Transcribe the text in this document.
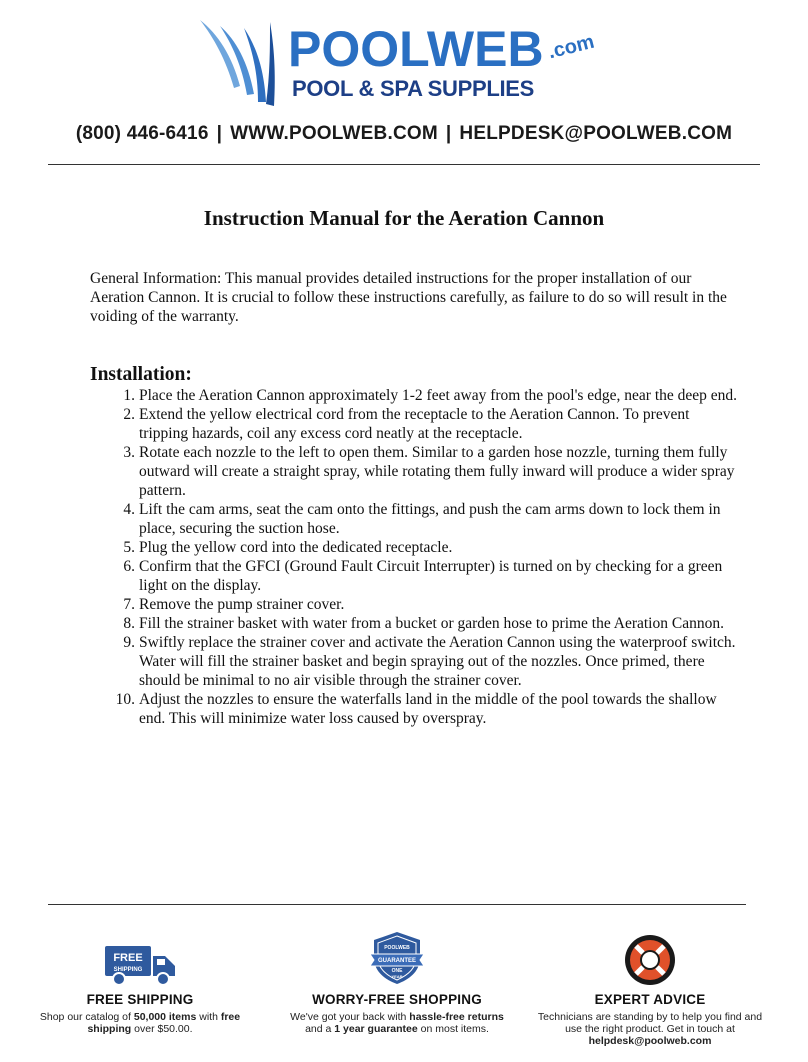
POOLWEB .com
POOL & SPA SUPPLIES
(800) 446-6416 | WWW.POOLWEB.COM | HELPDESK@POOLWEB.COM
Instruction Manual for the Aeration Cannon
General Information: This manual provides detailed instructions for the proper installation of our Aeration Cannon. It is crucial to follow these instructions carefully, as failure to do so will result in the voiding of the warranty.
Installation:
1. Place the Aeration Cannon approximately 1-2 feet away from the pool's edge, near the deep end.
2. Extend the yellow electrical cord from the receptacle to the Aeration Cannon. To prevent tripping hazards, coil any excess cord neatly at the receptacle.
3. Rotate each nozzle to the left to open them. Similar to a garden hose nozzle, turning them fully outward will create a straight spray, while rotating them fully inward will produce a wider spray pattern.
4. Lift the cam arms, seat the cam onto the fittings, and push the cam arms down to lock them in place, securing the suction hose.
5. Plug the yellow cord into the dedicated receptacle.
6. Confirm that the GFCI (Ground Fault Circuit Interrupter) is turned on by checking for a green light on the display.
7. Remove the pump strainer cover.
8. Fill the strainer basket with water from a bucket or garden hose to prime the Aeration Cannon.
9. Swiftly replace the strainer cover and activate the Aeration Cannon using the waterproof switch. Water will fill the strainer basket and begin spraying out of the nozzles. Once primed, there should be minimal to no air visible through the strainer cover.
10. Adjust the nozzles to ensure the waterfalls land in the middle of the pool towards the shallow end. This will minimize water loss caused by overspray.
FREE
SHIPPING
FREE SHIPPING
Shop our catalog of 50,000 items with free shipping over $50.00.
POOLWEB
GUARANTEE
ONE
YEAR
WORRY-FREE SHOPPING
We've got your back with hassle-free returns and a 1 year guarantee on most items.
EXPERT ADVICE
Technicians are standing by to help you find and use the right product. Get in touch at helpdesk@poolweb.com
